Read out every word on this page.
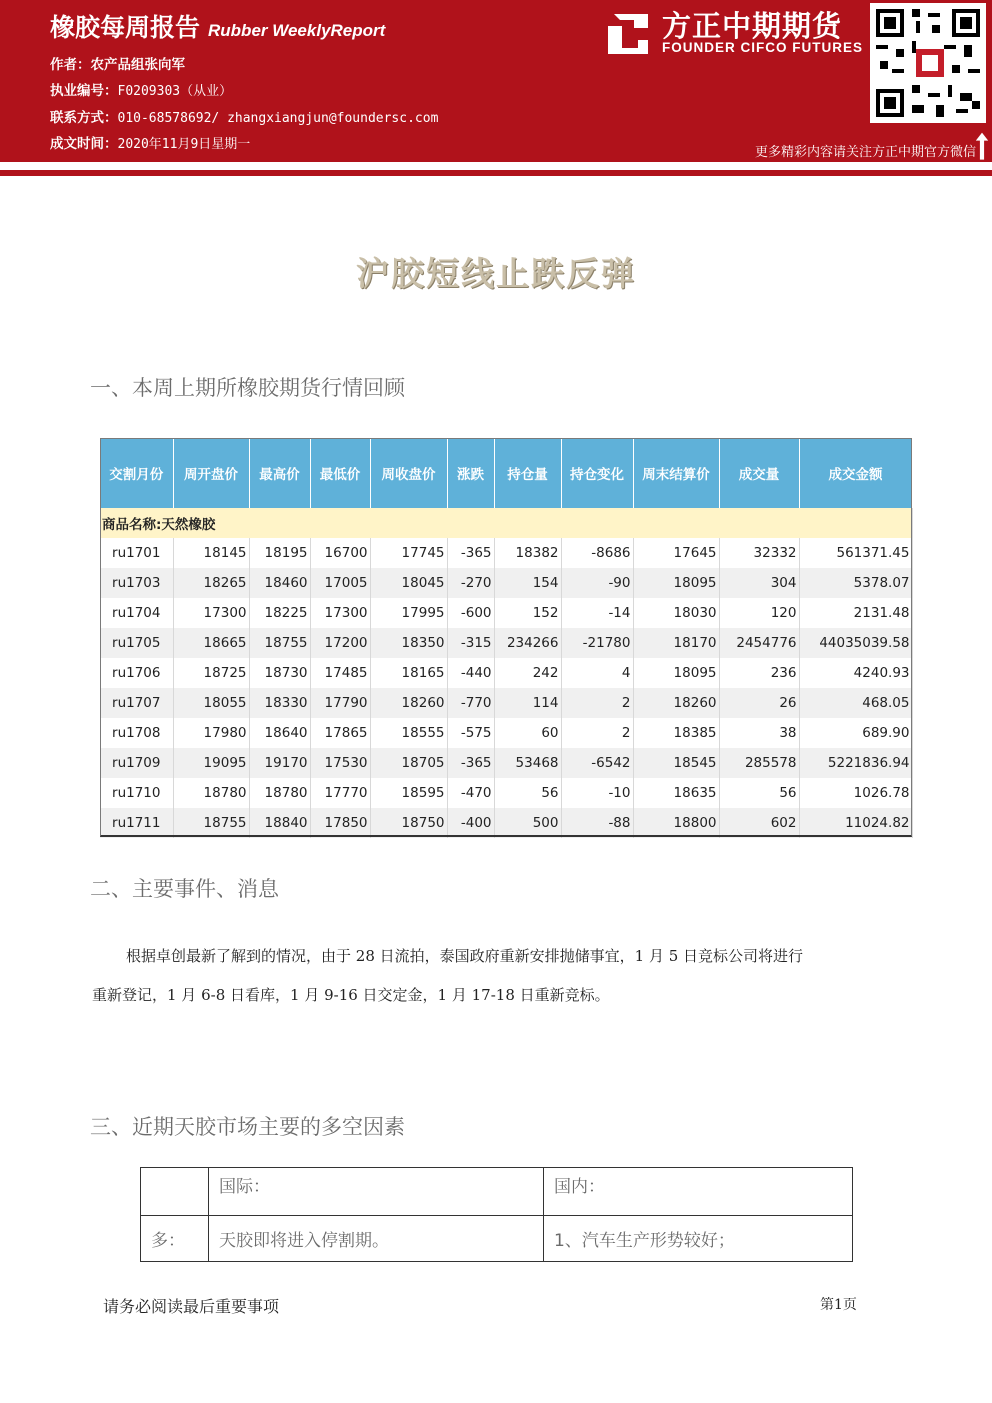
橡胶每周报告 Rubber WeeklyReport
作者：农产品组张向军
执业编号：F0209303（从业）
联系方式：010-68578692/ zhangxiangjun@foundersc.com
成文时间：2020年11月9日星期一
方正中期期货
FOUNDER CIFCO FUTURES
更多精彩内容请关注方正中期官方微信
沪胶短线止跌反弹
一、本周上期所橡胶期货行情回顾
交割月份	周开盘价	最高价	最低价	周收盘价	涨跌	持仓量	持仓变化	周末结算价	成交量	成交金额
商品名称:天然橡胶										
ru1701	18145	18195	16700	17745	-365	18382	-8686	17645	32332	561371.45
ru1703	18265	18460	17005	18045	-270	154	-90	18095	304	5378.07
ru1704	17300	18225	17300	17995	-600	152	-14	18030	120	2131.48
ru1705	18665	18755	17200	18350	-315	234266	-21780	18170	2454776	44035039.58
ru1706	18725	18730	17485	18165	-440	242	4	18095	236	4240.93
ru1707	18055	18330	17790	18260	-770	114	2	18260	26	468.05
ru1708	17980	18640	17865	18555	-575	60	2	18385	38	689.90
ru1709	19095	19170	17530	18705	-365	53468	-6542	18545	285578	5221836.94
ru1710	18780	18780	17770	18595	-470	56	-10	18635	56	1026.78
ru1711	18755	18840	17850	18750	-400	500	-88	18800	602	11024.82
二、主要事件、消息
根据卓创最新了解到的情况，由于 28 日流拍，泰国政府重新安排抛储事宜，1 月 5 日竞标公司将进行
重新登记，1 月 6-8 日看库，1 月 9-16 日交定金，1 月 17-18 日重新竞标。
三、近期天胶市场主要的多空因素
	国际：	国内：
多：	天胶即将进入停割期。	1、汽车生产形势较好；
请务必阅读最后重要事项	第1页
